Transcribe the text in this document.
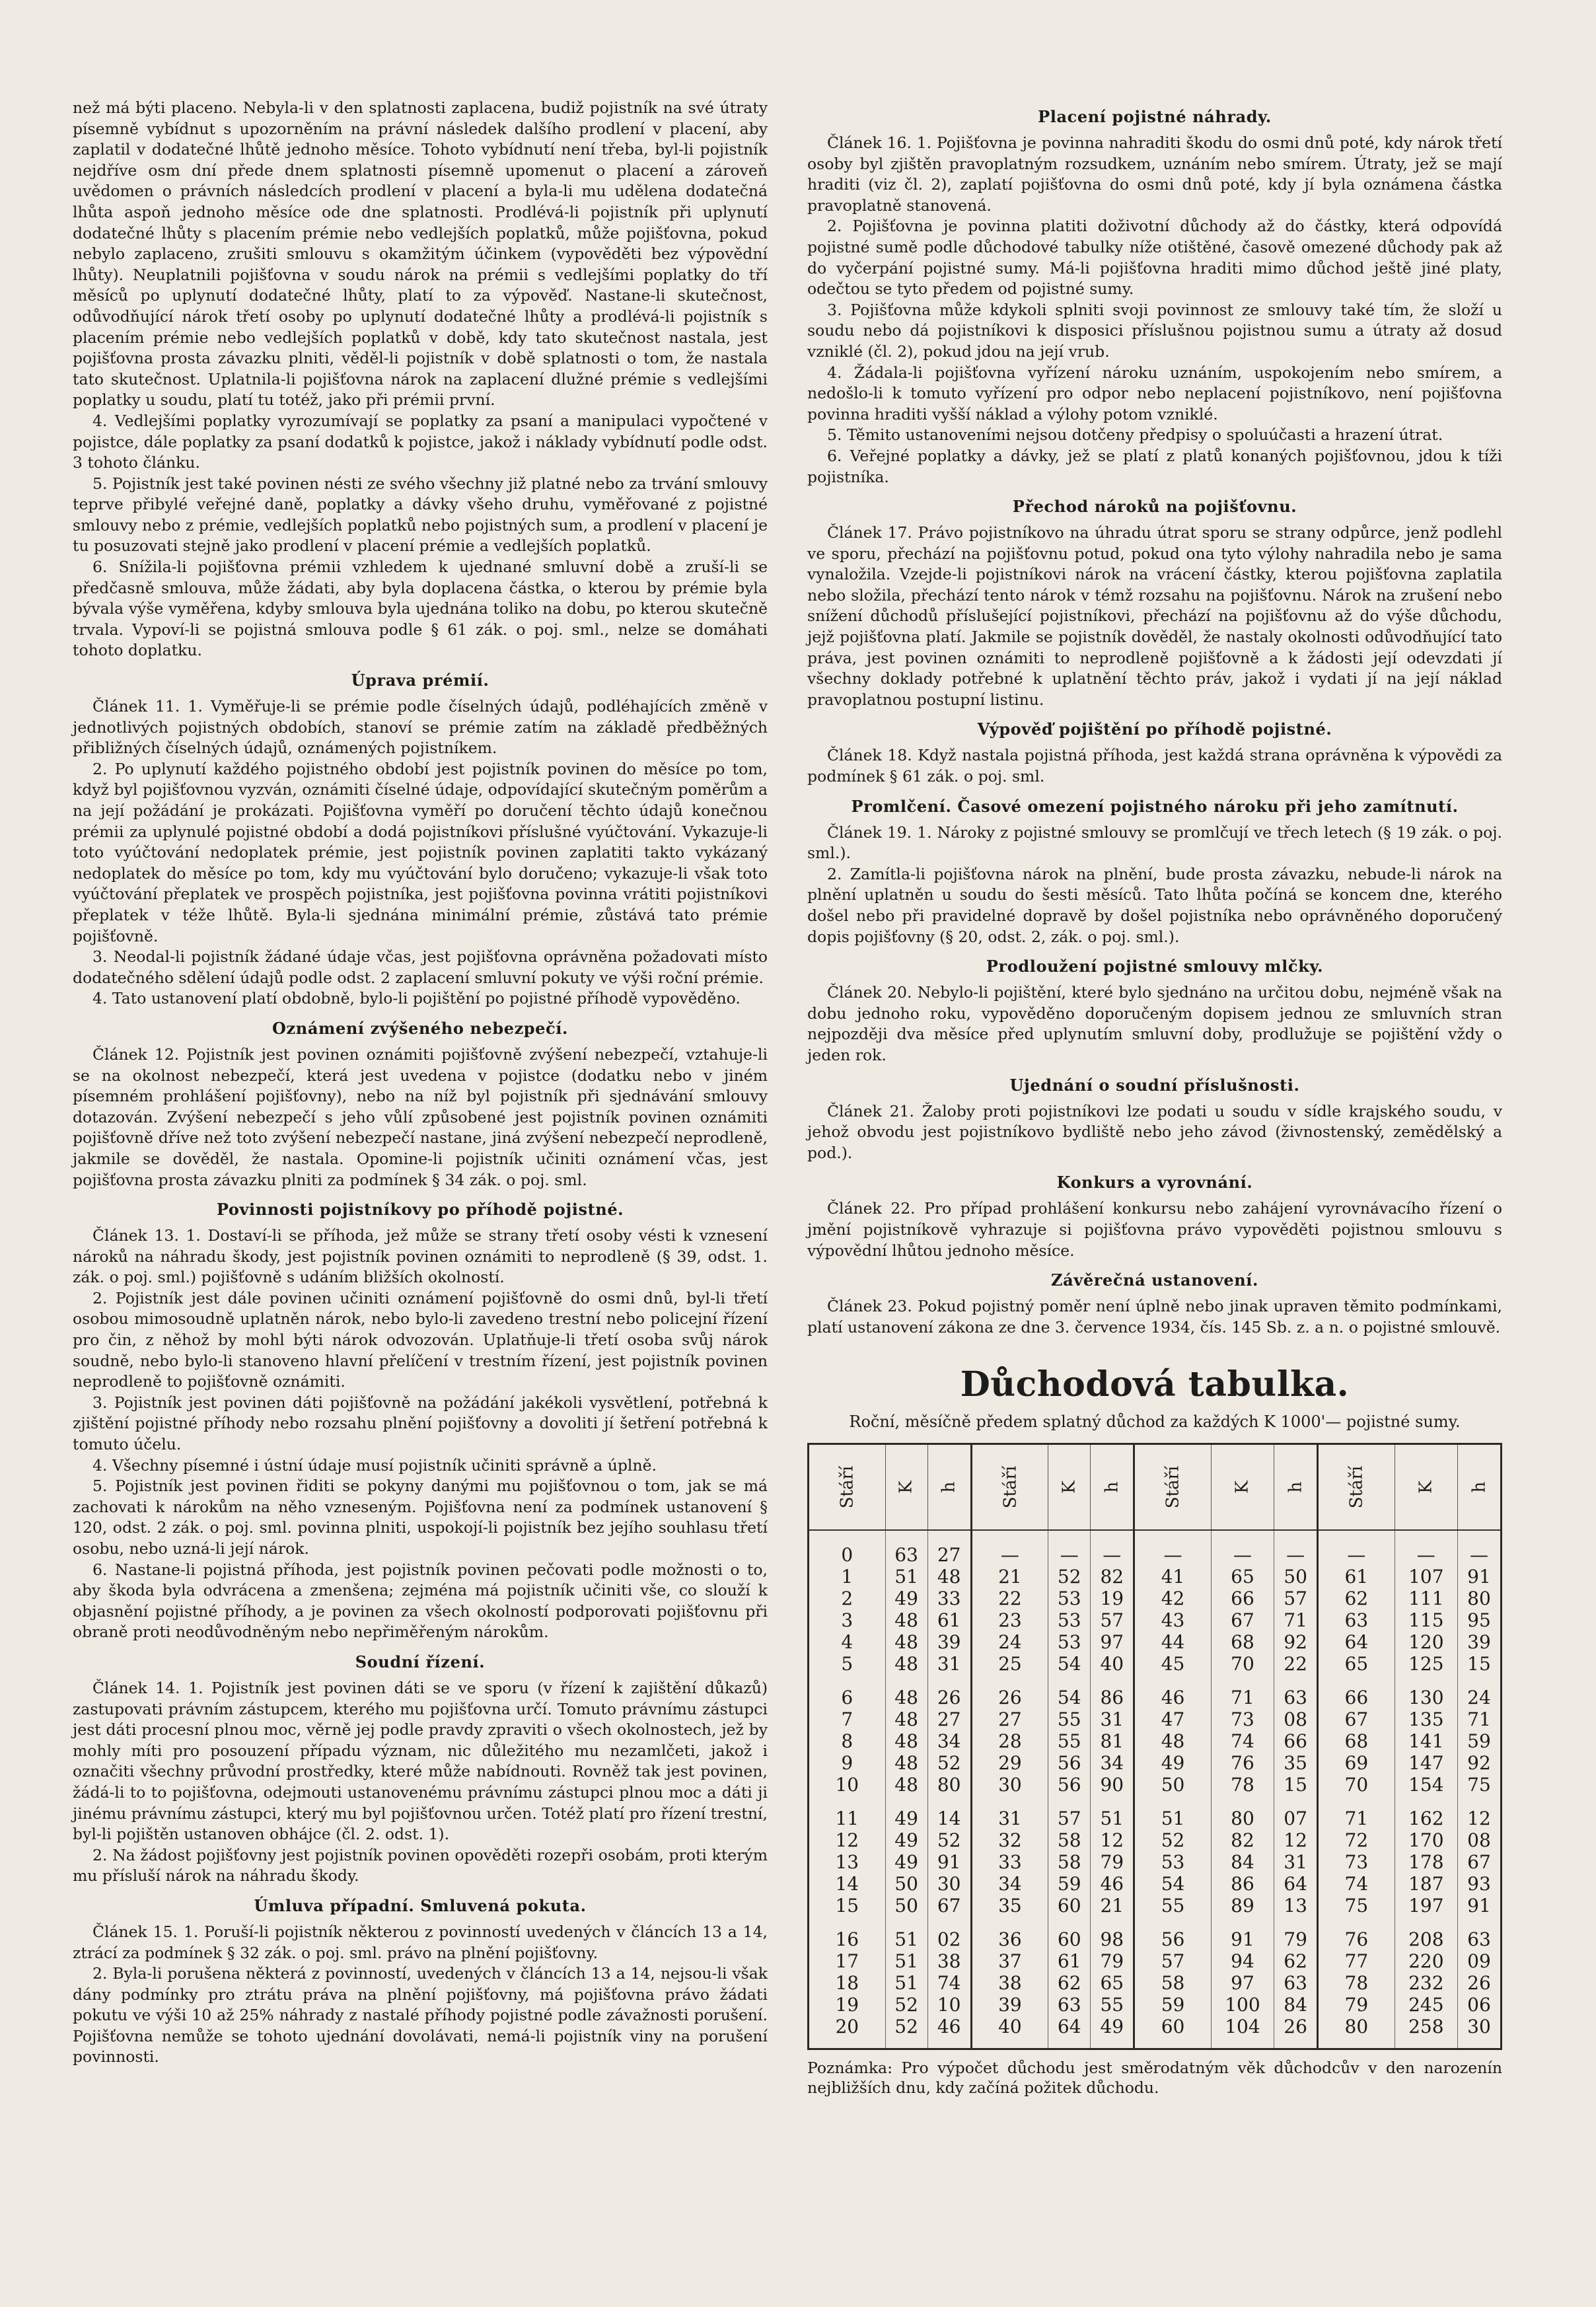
než má býti placeno. Nebyla-li v den splatnosti zaplacena, budiž pojistník na své útraty písemně vybídnut s upozorněním na právní následek dalšího prodlení v placení, aby zaplatil v dodatečné lhůtě jednoho měsíce. Tohoto vybídnutí není třeba, byl-li pojistník nejdříve osm dní přede dnem splatnosti písemně upomenut o placení a zároveň uvědomen o právních následcích prodlení v placení a byla-li mu udělena dodatečná lhůta aspoň jednoho měsíce ode dne splatnosti. Prodlévá-li pojistník při uplynutí dodatečné lhůty s placením prémie nebo vedlejších poplatků, může pojišťovna, pokud nebylo zaplaceno, zrušiti smlouvu s okamžitým účinkem (vypověděti bez výpovědní lhůty). Neuplatnili pojišťovna v soudu nárok na prémii s vedlejšími poplatky do tří měsíců po uplynutí dodatečné lhůty, platí to za výpověď. Nastane-li skutečnost, odůvodňující nárok třetí osoby po uplynutí dodatečné lhůty a prodlévá-li pojistník s placením prémie nebo vedlejších poplatků v době, kdy tato skutečnost nastala, jest pojišťovna prosta závazku plniti, věděl-li pojistník v době splatnosti o tom, že nastala tato skutečnost. Uplatnila-li pojišťovna nárok na zaplacení dlužné prémie s vedlejšími poplatky u soudu, platí tu totéž, jako při prémii první.
4. Vedlejšími poplatky vyrozumívají se poplatky za psaní a manipulaci vypočtené v pojistce, dále poplatky za psaní dodatků k pojistce, jakož i náklady vybídnutí podle odst. 3 tohoto článku.
5. Pojistník jest také povinen nésti ze svého všechny již platné nebo za trvání smlouvy teprve přibylé veřejné daně, poplatky a dávky všeho druhu, vyměřované z pojistné smlouvy nebo z prémie, vedlejších poplatků nebo pojistných sum, a prodlení v placení je tu posuzovati stejně jako prodlení v placení prémie a vedlejších poplatků.
6. Snížila-li pojišťovna prémii vzhledem k ujednané smluvní době a zruší-li se předčasně smlouva, může žádati, aby byla doplacena částka, o kterou by prémie byla bývala výše vyměřena, kdyby smlouva byla ujednána toliko na dobu, po kterou skutečně trvala. Vypoví-li se pojistná smlouva podle § 61 zák. o poj. sml., nelze se domáhati tohoto doplatku.
Úprava prémií.
Článek 11. 1. Vyměřuje-li se prémie podle číselných údajů, podléhajících změně v jednotlivých pojistných obdobích, stanoví se prémie zatím na základě předběžných přibližných číselných údajů, oznámených pojistníkem.
2. Po uplynutí každého pojistného období jest pojistník povinen do měsíce po tom, když byl pojišťovnou vyzván, oznámiti číselné údaje, odpovídající skutečným poměrům a na její požádání je prokázati. Pojišťovna vyměří po doručení těchto údajů konečnou prémii za uplynulé pojistné období a dodá pojistníkovi příslušné vyúčtování. Vykazuje-li toto vyúčtování nedoplatek prémie, jest pojistník povinen zaplatiti takto vykázaný nedoplatek do měsíce po tom, kdy mu vyúčtování bylo doručeno; vykazuje-li však toto vyúčtování přeplatek ve prospěch pojistníka, jest pojišťovna povinna vrátiti pojistníkovi přeplatek v téže lhůtě. Byla-li sjednána minimální prémie, zůstává tato prémie pojišťovně.
3. Neodal-li pojistník žádané údaje včas, jest pojišťovna oprávněna požadovati místo dodatečného sdělení údajů podle odst. 2 zaplacení smluvní pokuty ve výši roční prémie.
4. Tato ustanovení platí obdobně, bylo-li pojištění po pojistné příhodě vypověděno.
Oznámení zvýšeného nebezpečí.
Článek 12. Pojistník jest povinen oznámiti pojišťovně zvýšení nebezpečí, vztahuje-li se na okolnost nebezpečí, která jest uvedena v pojistce (dodatku nebo v jiném písemném prohlášení pojišťovny), nebo na níž byl pojistník při sjednávání smlouvy dotazován. Zvýšení nebezpečí s jeho vůlí způsobené jest pojistník povinen oznámiti pojišťovně dříve než toto zvýšení nebezpečí nastane, jiná zvýšení nebezpečí neprodleně, jakmile se dověděl, že nastala. Opomine-li pojistník učiniti oznámení včas, jest pojišťovna prosta závazku plniti za podmínek § 34 zák. o poj. sml.
Povinnosti pojistníkovy po příhodě pojistné.
Článek 13. 1. Dostaví-li se příhoda, jež může se strany třetí osoby vésti k vznesení nároků na náhradu škody, jest pojistník povinen oznámiti to neprodleně (§ 39, odst. 1. zák. o poj. sml.) pojišťovně s udáním bližších okolností.
2. Pojistník jest dále povinen učiniti oznámení pojišťovně do osmi dnů, byl-li třetí osobou mimosoudně uplatněn nárok, nebo bylo-li zavedeno trestní nebo policejní řízení pro čin, z něhož by mohl býti nárok odvozován. Uplatňuje-li třetí osoba svůj nárok soudně, nebo bylo-li stanoveno hlavní přelíčení v trestním řízení, jest pojistník povinen neprodleně to pojišťovně oznámiti.
3. Pojistník jest povinen dáti pojišťovně na požádání jakékoli vysvětlení, potřebná k zjištění pojistné příhody nebo rozsahu plnění pojišťovny a dovoliti jí šetření potřebná k tomuto účelu.
4. Všechny písemné i ústní údaje musí pojistník učiniti správně a úplně.
5. Pojistník jest povinen řiditi se pokyny danými mu pojišťovnou o tom, jak se má zachovati k nárokům na něho vzneseným. Pojišťovna není za podmínek ustanovení § 120, odst. 2 zák. o poj. sml. povinna plniti, uspokojí-li pojistník bez jejího souhlasu třetí osobu, nebo uzná-li její nárok.
6. Nastane-li pojistná příhoda, jest pojistník povinen pečovati podle možnosti o to, aby škoda byla odvrácena a zmenšena; zejména má pojistník učiniti vše, co slouží k objasnění pojistné příhody, a je povinen za všech okolností podporovati pojišťovnu při obraně proti neodůvodněným nebo nepřiměřeným nárokům.
Soudní řízení.
Článek 14. 1. Pojistník jest povinen dáti se ve sporu (v řízení k zajištění důkazů) zastupovati právním zástupcem, kterého mu pojišťovna určí. Tomuto právnímu zástupci jest dáti procesní plnou moc, věrně jej podle pravdy zpraviti o všech okolnostech, jež by mohly míti pro posouzení případu význam, nic důležitého mu nezamlčeti, jakož i označiti všechny průvodní prostředky, které může nabídnouti. Rovněž tak jest povinen, žádá-li to to pojišťovna, odejmouti ustanovenému právnímu zástupci plnou moc a dáti ji jinému právnímu zástupci, který mu byl pojišťovnou určen. Totéž platí pro řízení trestní, byl-li pojištěn ustanoven obhájce (čl. 2. odst. 1).
2. Na žádost pojišťovny jest pojistník povinen opověděti rozepři osobám, proti kterým mu přísluší nárok na náhradu škody.
Úmluva případní. Smluvená pokuta.
Článek 15. 1. Poruší-li pojistník některou z povinností uvedených v článcích 13 a 14, ztrácí za podmínek § 32 zák. o poj. sml. právo na plnění pojišťovny.
2. Byla-li porušena některá z povinností, uvedených v článcích 13 a 14, nejsou-li však dány podmínky pro ztrátu práva na plnění pojišťovny, má pojišťovna právo žádati pokutu ve výši 10 až 25% náhrady z nastalé příhody pojistné podle závažnosti porušení. Pojišťovna nemůže se tohoto ujednání dovolávati, nemá-li pojistník viny na porušení povinnosti.
Placení pojistné náhrady.
Článek 16. 1. Pojišťovna je povinna nahraditi škodu do osmi dnů poté, kdy nárok třetí osoby byl zjištěn pravoplatným rozsudkem, uznáním nebo smírem. Útraty, jež se mají hraditi (viz čl. 2), zaplatí pojišťovna do osmi dnů poté, kdy jí byla oznámena částka pravoplatně stanovená.
2. Pojišťovna je povinna platiti doživotní důchody až do částky, která odpovídá pojistné sumě podle důchodové tabulky níže otištěné, časově omezené důchody pak až do vyčerpání pojistné sumy. Má-li pojišťovna hraditi mimo důchod ještě jiné platy, odečtou se tyto předem od pojistné sumy.
3. Pojišťovna může kdykoli splniti svoji povinnost ze smlouvy také tím, že složí u soudu nebo dá pojistníkovi k disposici příslušnou pojistnou sumu a útraty až dosud vzniklé (čl. 2), pokud jdou na její vrub.
4. Žádala-li pojišťovna vyřízení nároku uznáním, uspokojením nebo smírem, a nedošlo-li k tomuto vyřízení pro odpor nebo neplacení pojistníkovo, není pojišťovna povinna hraditi vyšší náklad a výlohy potom vzniklé.
5. Těmito ustanoveními nejsou dotčeny předpisy o spoluúčasti a hrazení útrat.
6. Veřejné poplatky a dávky, jež se platí z platů konaných pojišťovnou, jdou k tíži pojistníka.
Přechod nároků na pojišťovnu.
Článek 17. Právo pojistníkovo na úhradu útrat sporu se strany odpůrce, jenž podlehl ve sporu, přechází na pojišťovnu potud, pokud ona tyto výlohy nahradila nebo je sama vynaložila. Vzejde-li pojistníkovi nárok na vrácení částky, kterou pojišťovna zaplatila nebo složila, přechází tento nárok v témž rozsahu na pojišťovnu. Nárok na zrušení nebo snížení důchodů příslušející pojistníkovi, přechází na pojišťovnu až do výše důchodu, jejž pojišťovna platí. Jakmile se pojistník dověděl, že nastaly okolnosti odůvodňující tato práva, jest povinen oznámiti to neprodleně pojišťovně a k žádosti její odevzdati jí všechny doklady potřebné k uplatnění těchto práv, jakož i vydati jí na její náklad pravoplatnou postupní listinu.
Výpověď pojištění po příhodě pojistné.
Článek 18. Když nastala pojistná příhoda, jest každá strana oprávněna k výpovědi za podmínek § 61 zák. o poj. sml.
Promlčení. Časové omezení pojistného nároku při jeho zamítnutí.
Článek 19. 1. Nároky z pojistné smlouvy se promlčují ve třech letech (§ 19 zák. o poj. sml.).
2. Zamítla-li pojišťovna nárok na plnění, bude prosta závazku, nebude-li nárok na plnění uplatněn u soudu do šesti měsíců. Tato lhůta počíná se koncem dne, kterého došel nebo při pravidelné dopravě by došel pojistníka nebo oprávněného doporučený dopis pojišťovny (§ 20, odst. 2, zák. o poj. sml.).
Prodloužení pojistné smlouvy mlčky.
Článek 20. Nebylo-li pojištění, které bylo sjednáno na určitou dobu, nejméně však na dobu jednoho roku, vypověděno doporučeným dopisem jednou ze smluvních stran nejpozději dva měsíce před uplynutím smluvní doby, prodlužuje se pojištění vždy o jeden rok.
Ujednání o soudní příslušnosti.
Článek 21. Žaloby proti pojistníkovi lze podati u soudu v sídle krajského soudu, v jehož obvodu jest pojistníkovo bydliště nebo jeho závod (živnostenský, zemědělský a pod.).
Konkurs a vyrovnání.
Článek 22. Pro případ prohlášení konkursu nebo zahájení vyrovnávacího řízení o jmění pojistníkově vyhrazuje si pojišťovna právo vypověděti pojistnou smlouvu s výpovědní lhůtou jednoho měsíce.
Závěrečná ustanovení.
Článek 23. Pokud pojistný poměr není úplně nebo jinak upraven těmito podmínkami, platí ustanovení zákona ze dne 3. července 1934, čís. 145 Sb. z. a n. o pojistné smlouvě.
Důchodová tabulka.
Roční, měsíčně předem splatný důchod za každých K 1000'— pojistné sumy.
Stáří	K	h	Stáří	K	h	Stáří	K	h	Stáří	K	h
0	63	27	—	—	—	—	—	—	—	—	—
1	51	48	21	52	82	41	65	50	61	107	91
2	49	33	22	53	19	42	66	57	62	111	80
3	48	61	23	53	57	43	67	71	63	115	95
4	48	39	24	53	97	44	68	92	64	120	39
5	48	31	25	54	40	45	70	22	65	125	15
6	48	26	26	54	86	46	71	63	66	130	24
7	48	27	27	55	31	47	73	08	67	135	71
8	48	34	28	55	81	48	74	66	68	141	59
9	48	52	29	56	34	49	76	35	69	147	92
10	48	80	30	56	90	50	78	15	70	154	75
11	49	14	31	57	51	51	80	07	71	162	12
12	49	52	32	58	12	52	82	12	72	170	08
13	49	91	33	58	79	53	84	31	73	178	67
14	50	30	34	59	46	54	86	64	74	187	93
15	50	67	35	60	21	55	89	13	75	197	91
16	51	02	36	60	98	56	91	79	76	208	63
17	51	38	37	61	79	57	94	62	77	220	09
18	51	74	38	62	65	58	97	63	78	232	26
19	52	10	39	63	55	59	100	84	79	245	06
20	52	46	40	64	49	60	104	26	80	258	30
Poznámka: Pro výpočet důchodu jest směrodatným věk důchodcův v den narozenín nejbližších dnu, kdy začíná požitek důchodu.
